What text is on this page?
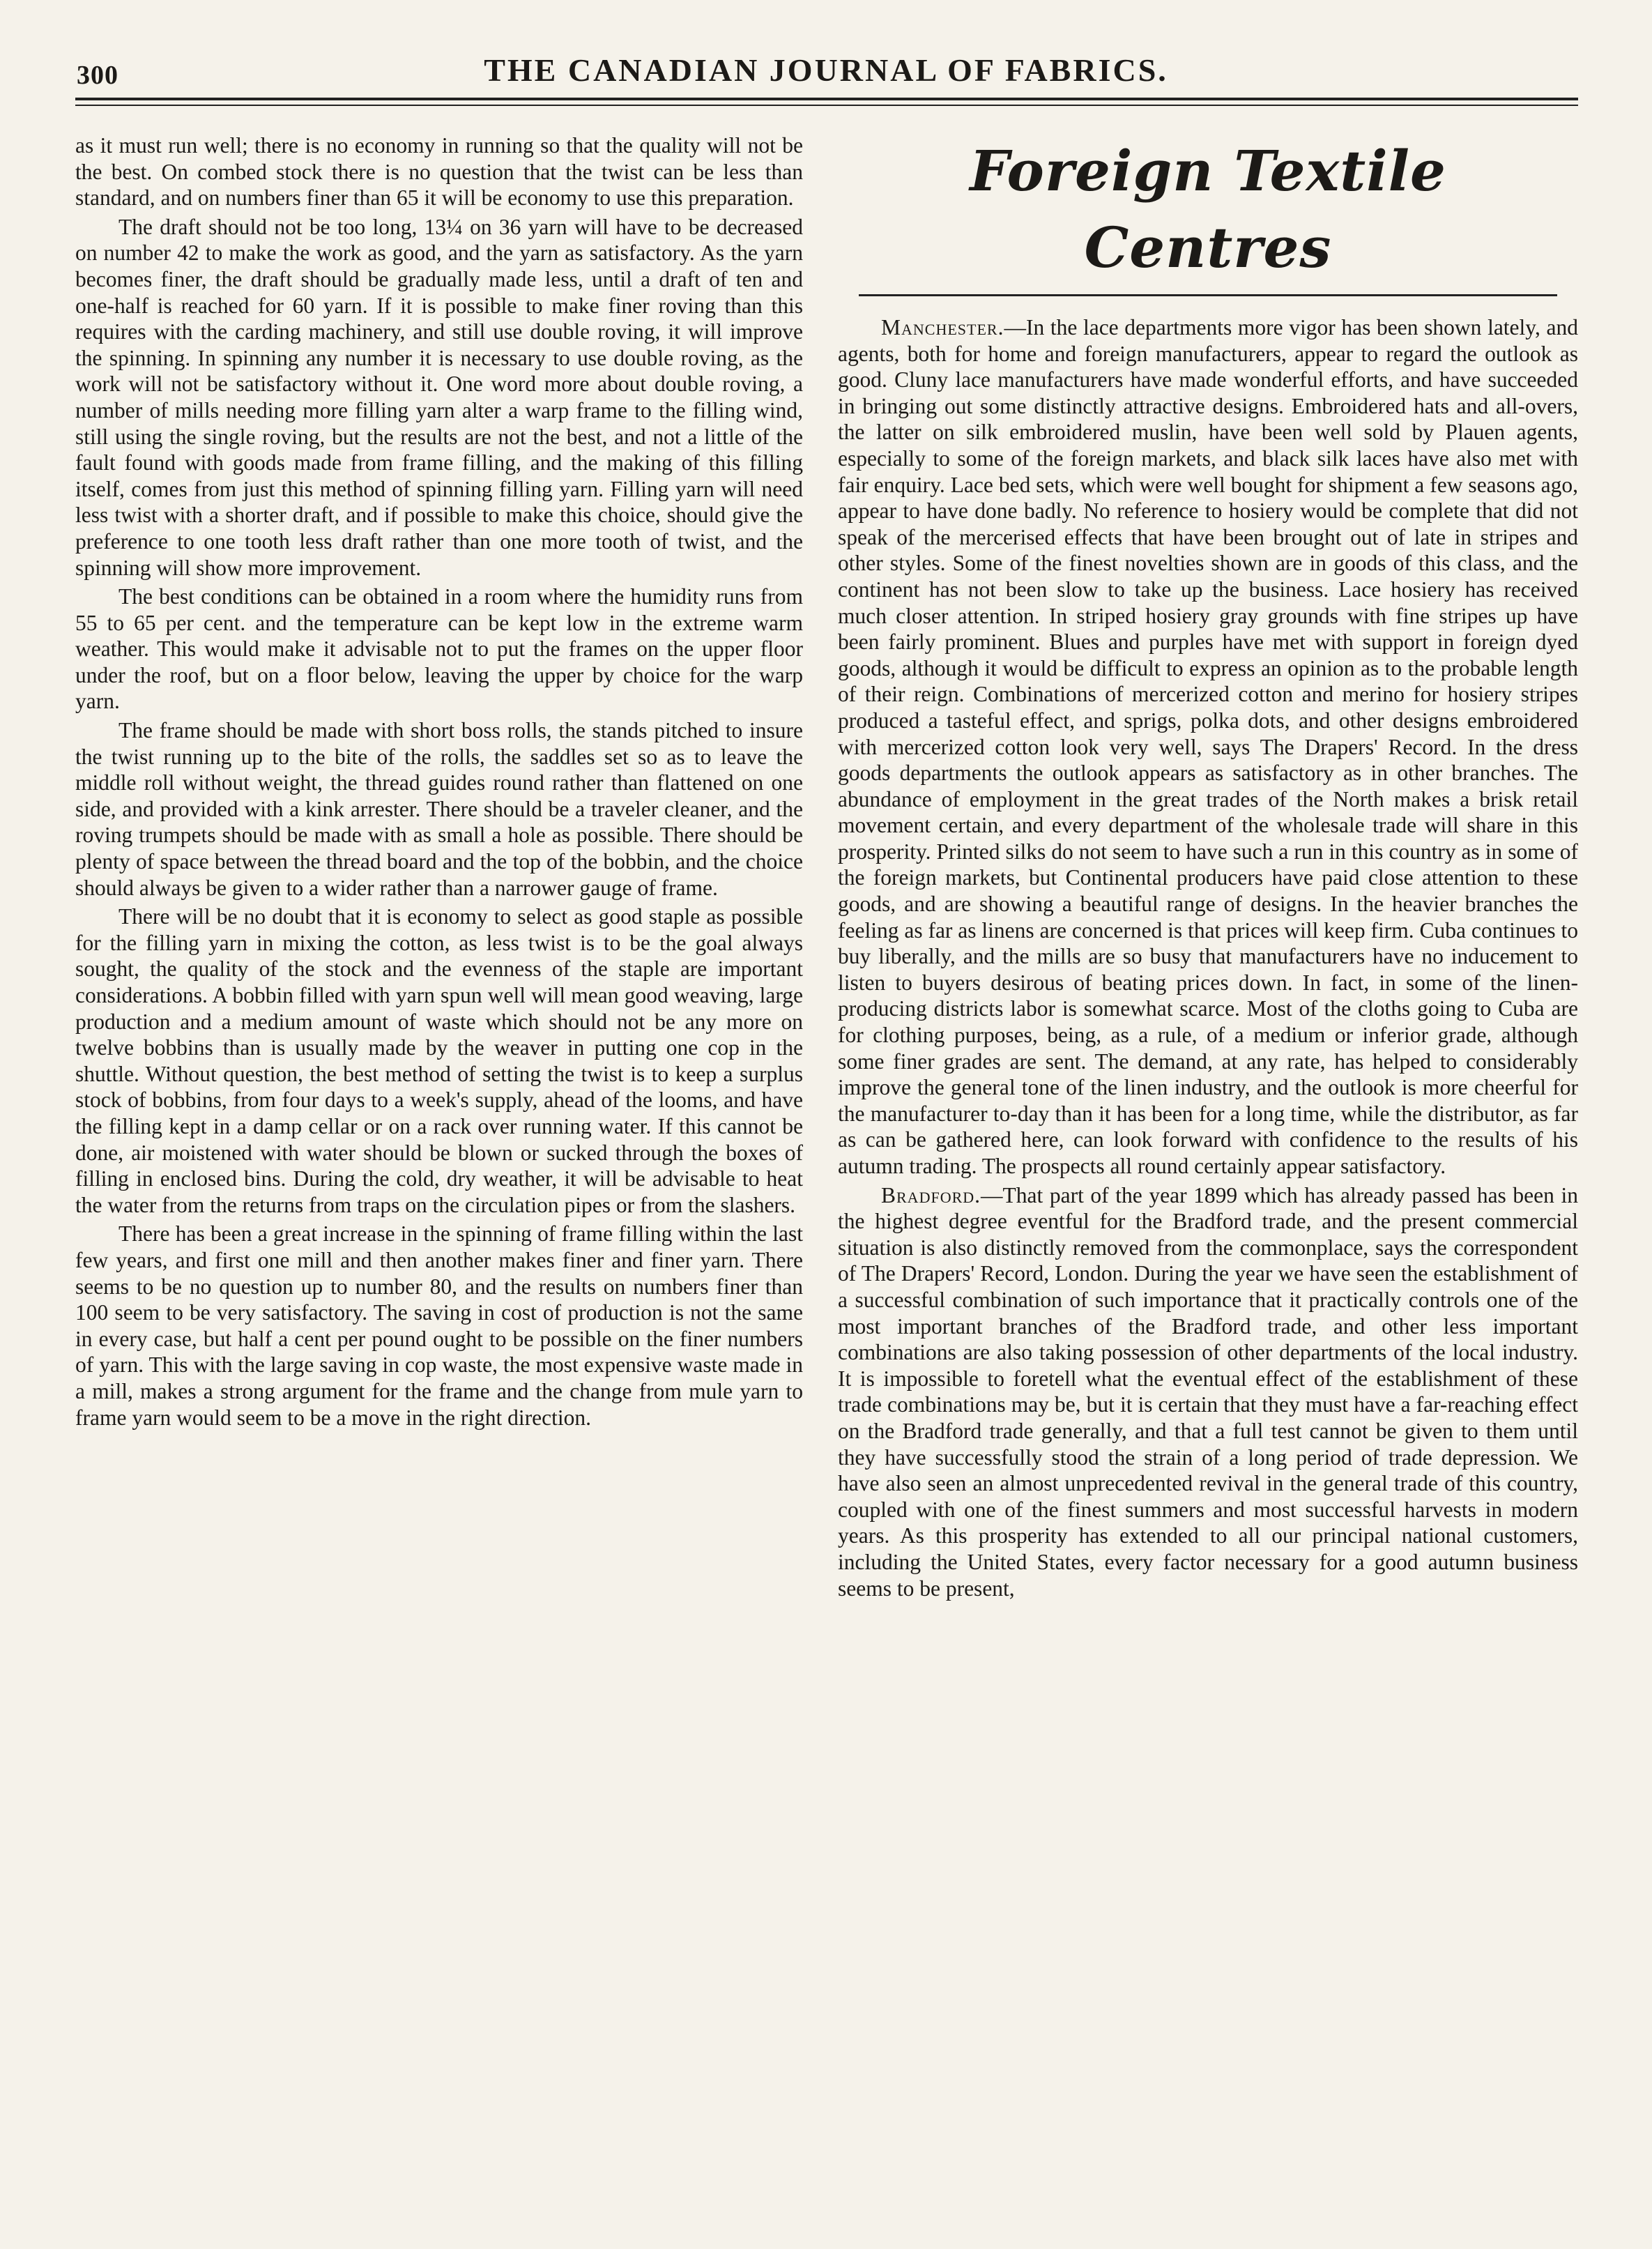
300	THE CANADIAN JOURNAL OF FABRICS.

as it must run well; there is no economy in running so that the quality will not be the best. On combed stock there is no question that the twist can be less than standard, and on numbers finer than 65 it will be economy to use this preparation.

The draft should not be too long, 13¼ on 36 yarn will have to be decreased on number 42 to make the work as good, and the yarn as satisfactory. As the yarn becomes finer, the draft should be gradually made less, until a draft of ten and one-half is reached for 60 yarn. If it is possible to make finer roving than this requires with the carding machinery, and still use double roving, it will improve the spinning. In spinning any number it is necessary to use double roving, as the work will not be satisfactory without it. One word more about double roving, a number of mills needing more filling yarn alter a warp frame to the filling wind, still using the single roving, but the results are not the best, and not a little of the fault found with goods made from frame filling, and the making of this filling itself, comes from just this method of spinning filling yarn. Filling yarn will need less twist with a shorter draft, and if possible to make this choice, should give the preference to one tooth less draft rather than one more tooth of twist, and the spinning will show more improvement.

The best conditions can be obtained in a room where the humidity runs from 55 to 65 per cent. and the temperature can be kept low in the extreme warm weather. This would make it advisable not to put the frames on the upper floor under the roof, but on a floor below, leaving the upper by choice for the warp yarn.

The frame should be made with short boss rolls, the stands pitched to insure the twist running up to the bite of the rolls, the saddles set so as to leave the middle roll without weight, the thread guides round rather than flattened on one side, and provided with a kink arrester. There should be a traveler cleaner, and the roving trumpets should be made with as small a hole as possible. There should be plenty of space between the thread board and the top of the bobbin, and the choice should always be given to a wider rather than a narrower gauge of frame.

There will be no doubt that it is economy to select as good staple as possible for the filling yarn in mixing the cotton, as less twist is to be the goal always sought, the quality of the stock and the evenness of the staple are important considerations. A bobbin filled with yarn spun well will mean good weaving, large production and a medium amount of waste which should not be any more on twelve bobbins than is usually made by the weaver in putting one cop in the shuttle. Without question, the best method of setting the twist is to keep a surplus stock of bobbins, from four days to a week's supply, ahead of the looms, and have the filling kept in a damp cellar or on a rack over running water. If this cannot be done, air moistened with water should be blown or sucked through the boxes of filling in enclosed bins. During the cold, dry weather, it will be advisable to heat the water from the returns from traps on the circulation pipes or from the slashers.

There has been a great increase in the spinning of frame filling within the last few years, and first one mill and then another makes finer and finer yarn. There seems to be no question up to number 80, and the results on numbers finer than 100 seem to be very satisfactory. The saving in cost of production is not the same in every case, but half a cent per pound ought to be possible on the finer numbers of yarn. This with the large saving in cop waste, the most expensive waste made in a mill, makes a strong argument for the frame and the change from mule yarn to frame yarn would seem to be a move in the right direction.

Foreign Textile Centres

Manchester.—In the lace departments more vigor has been shown lately, and agents, both for home and foreign manufacturers, appear to regard the outlook as good. Cluny lace manufacturers have made wonderful efforts, and have succeeded in bringing out some distinctly attractive designs. Embroidered hats and all-overs, the latter on silk embroidered muslin, have been well sold by Plauen agents, especially to some of the foreign markets, and black silk laces have also met with fair enquiry. Lace bed sets, which were well bought for shipment a few seasons ago, appear to have done badly. No reference to hosiery would be complete that did not speak of the mercerised effects that have been brought out of late in stripes and other styles. Some of the finest novelties shown are in goods of this class, and the continent has not been slow to take up the business. Lace hosiery has received much closer attention. In striped hosiery gray grounds with fine stripes up have been fairly prominent. Blues and purples have met with support in foreign dyed goods, although it would be difficult to express an opinion as to the probable length of their reign. Combinations of mercerized cotton and merino for hosiery stripes produced a tasteful effect, and sprigs, polka dots, and other designs embroidered with mercerized cotton look very well, says The Drapers' Record. In the dress goods departments the outlook appears as satisfactory as in other branches. The abundance of employment in the great trades of the North makes a brisk retail movement certain, and every department of the wholesale trade will share in this prosperity. Printed silks do not seem to have such a run in this country as in some of the foreign markets, but Continental producers have paid close attention to these goods, and are showing a beautiful range of designs. In the heavier branches the feeling as far as linens are concerned is that prices will keep firm. Cuba continues to buy liberally, and the mills are so busy that manufacturers have no inducement to listen to buyers desirous of beating prices down. In fact, in some of the linen-producing districts labor is somewhat scarce. Most of the cloths going to Cuba are for clothing purposes, being, as a rule, of a medium or inferior grade, although some finer grades are sent. The demand, at any rate, has helped to considerably improve the general tone of the linen industry, and the outlook is more cheerful for the manufacturer to-day than it has been for a long time, while the distributor, as far as can be gathered here, can look forward with confidence to the results of his autumn trading. The prospects all round certainly appear satisfactory.

Bradford.—That part of the year 1899 which has already passed has been in the highest degree eventful for the Bradford trade, and the present commercial situation is also distinctly removed from the commonplace, says the correspondent of The Drapers' Record, London. During the year we have seen the establishment of a successful combination of such importance that it practically controls one of the most important branches of the Bradford trade, and other less important combinations are also taking possession of other departments of the local industry. It is impossible to foretell what the eventual effect of the establishment of these trade combinations may be, but it is certain that they must have a far-reaching effect on the Bradford trade generally, and that a full test cannot be given to them until they have successfully stood the strain of a long period of trade depression. We have also seen an almost unprecedented revival in the general trade of this country, coupled with one of the finest summers and most successful harvests in modern years. As this prosperity has extended to all our principal national customers, including the United States, every factor necessary for a good autumn business seems to be present,
